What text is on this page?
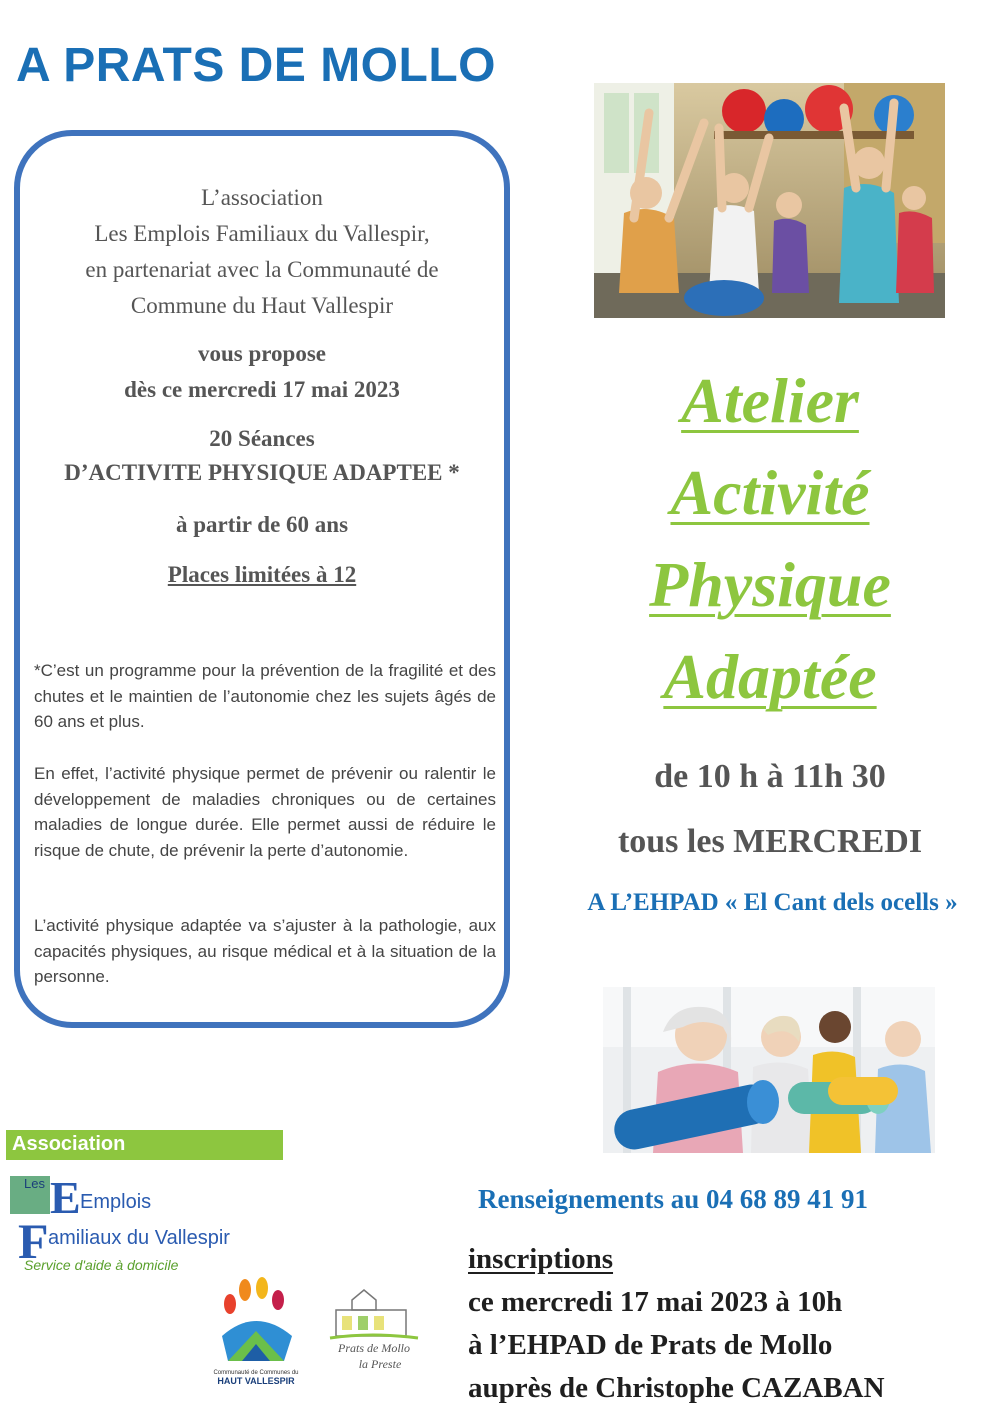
A PRATS DE MOLLO
L’association
Les Emplois Familiaux du Vallespir,
en partenariat avec la Communauté de
Commune du Haut Vallespir
vous propose
dès ce mercredi 17 mai 2023
20 Séances
D’ACTIVITE PHYSIQUE ADAPTEE *
à partir de 60 ans
Places limitées à 12
*C’est un programme pour la prévention de la fragilité et des chutes et le maintien de l’autonomie chez les sujets âgés de 60 ans et plus.
En effet, l’activité physique permet de prévenir ou ralentir le développement de maladies chroniques ou de certaines maladies de longue durée. Elle permet aussi de réduire le risque de chute, de prévenir la perte d’autonomie.
L’activité physique adaptée va s’ajuster à la pathologie, aux capacités physiques, au risque médical et à la situation de la personne.
Atelier
Activité
Physique
Adaptée
de 10 h à 11h 30
tous les MERCREDI
A L’EHPAD « El Cant dels ocells »
Association
Les E
F
Emplois
amiliaux du Vallespir
Service d'aide à domicile
Communauté de Communes du
HAUT VALLESPIR
Prats de Mollo
la Preste
Renseignements au 04 68 89 41 91
inscriptions
ce mercredi 17 mai 2023 à 10h
à l’EHPAD de Prats de Mollo
auprès de Christophe CAZABAN
